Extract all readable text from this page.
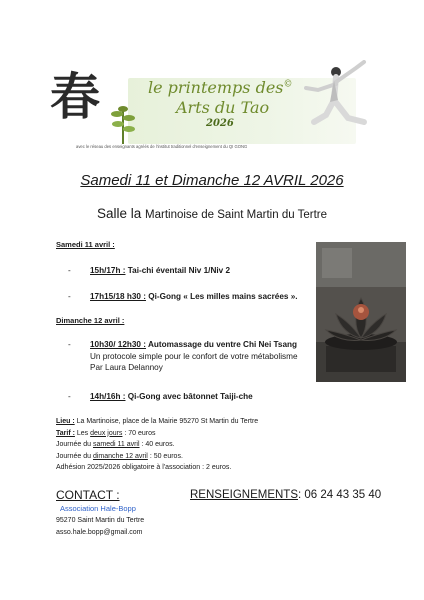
春	le printemps des©
Arts du Tao
2026
avec le réseau des enseignants agréés de l'institut traditionnel d'enseignement du QI GONG
Samedi 11 et Dimanche 12 AVRIL 2026
Salle la Martinoise de Saint Martin du Tertre
Samedi 11 avril :
- 15h/17h : Tai-chi éventail Niv 1/Niv 2
- 17h15/18 h30 : Qi-Gong « Les milles mains sacrées ».
Dimanche 12 avril :
- 10h30/ 12h30 : Automassage du ventre Chi Nei Tsang
Un protocole simple pour le confort de votre métabolisme
Par Laura Delannoy
- 14h/16h : Qi-Gong avec bâtonnet Taiji-che
Lieu : La Martinoise, place de la Mairie 95270 St Martin du Tertre
Tarif : Les deux jours : 70 euros
Journée du samedi 11 avril : 40 euros.
Journée du dimanche 12 avril : 50 euros.
Adhésion 2025/2026 obligatoire à l'association : 2 euros.
CONTACT :
Association Hale-Bopp
95270 Saint Martin du Tertre
asso.hale.bopp@gmail.com
RENSEIGNEMENTS: 06 24 43 35 40
